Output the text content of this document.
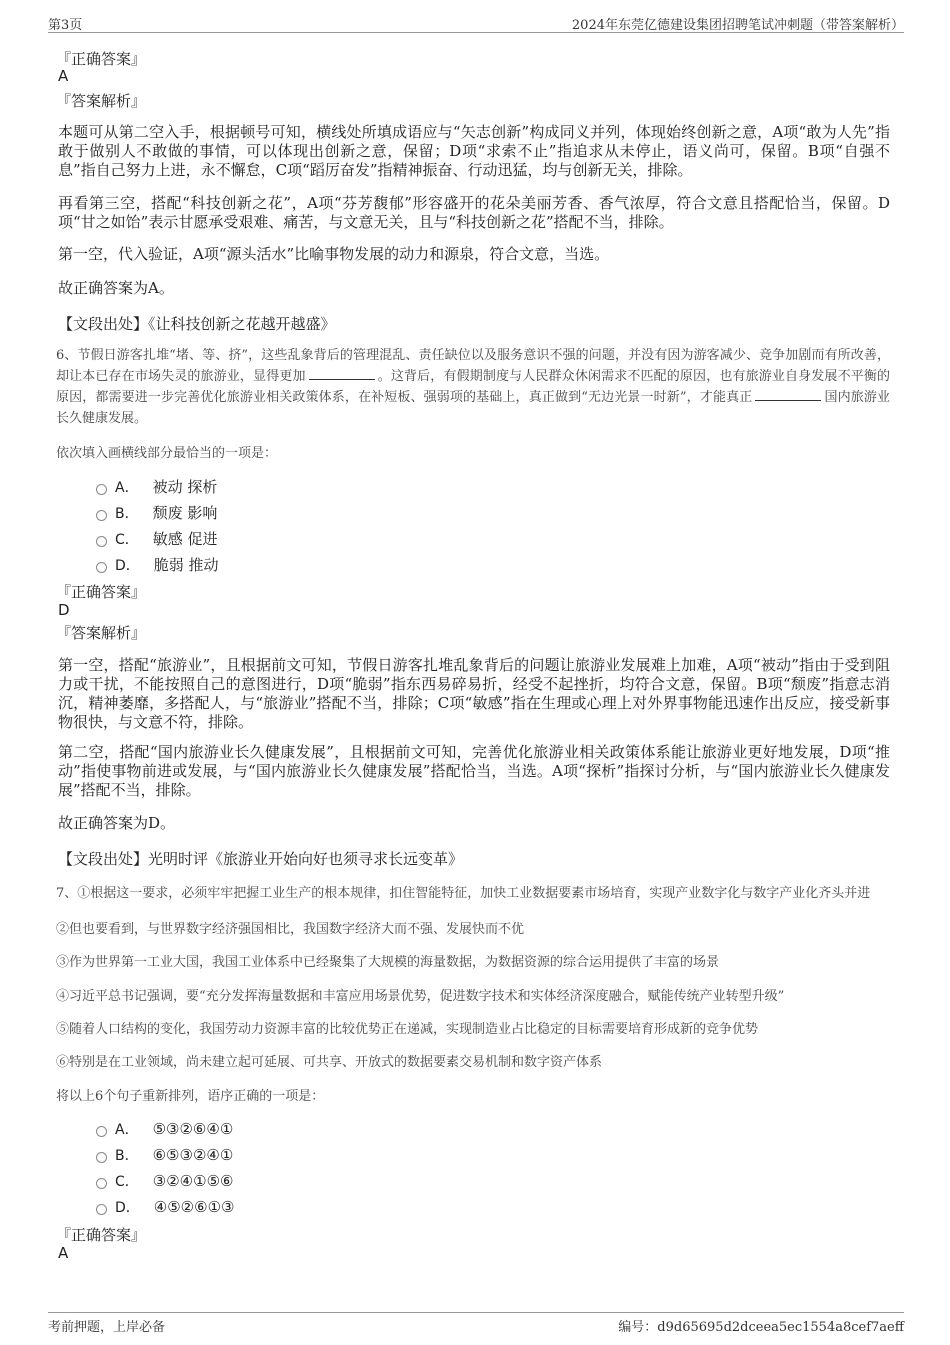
第3页	2024年东莞亿德建设集团招聘笔试冲刺题（带答案解析）
『正确答案』
A
『答案解析』
本题可从第二空入手，根据顿号可知，横线处所填成语应与“矢志创新”构成同义并列，体现始终创新之意，A项“敢为人先”指敢于做别人不敢做的事情，可以体现出创新之意，保留；D项“求索不止”指追求从未停止，语义尚可，保留。B项“自强不息”指自己努力上进，永不懈怠，C项“蹈厉奋发”指精神振奋、行动迅猛，均与创新无关，排除。
再看第三空，搭配“科技创新之花”，A项“芬芳馥郁”形容盛开的花朵美丽芳香、香气浓厚，符合文意且搭配恰当，保留。D项“甘之如饴”表示甘愿承受艰难、痛苦，与文意无关，且与“科技创新之花”搭配不当，排除。
第一空，代入验证，A项“源头活水”比喻事物发展的动力和源泉，符合文意，当选。
故正确答案为A。
【文段出处】《让科技创新之花越开越盛》
6、节假日游客扎堆“堵、等、挤”，这些乱象背后的管理混乱、责任缺位以及服务意识不强的问题，并没有因为游客减少、竞争加剧而有所改善，却让本已存在市场失灵的旅游业，显得更加	。这背后，有假期制度与人民群众休闲需求不匹配的原因，也有旅游业自身发展不平衡的原因，都需要进一步完善优化旅游业相关政策体系，在补短板、强弱项的基础上，真正做到“无边光景一时新”，才能真正	国内旅游业长久健康发展。
依次填入画横线部分最恰当的一项是：
A． 被动 探析
B． 颓废 影响
C． 敏感 促进
D． 脆弱 推动
『正确答案』
D
『答案解析』
第一空，搭配“旅游业”，且根据前文可知，节假日游客扎堆乱象背后的问题让旅游业发展难上加难，A项“被动”指由于受到阻力或干扰，不能按照自己的意图进行，D项“脆弱”指东西易碎易折，经受不起挫折，均符合文意，保留。B项“颓废”指意志消沉，精神萎靡，多搭配人，与“旅游业”搭配不当，排除；C项“敏感”指在生理或心理上对外界事物能迅速作出反应，接受新事物很快，与文意不符，排除。
第二空，搭配“国内旅游业长久健康发展”，且根据前文可知，完善优化旅游业相关政策体系能让旅游业更好地发展，D项“推动”指使事物前进或发展，与“国内旅游业长久健康发展”搭配恰当，当选。A项“探析”指探讨分析，与“国内旅游业长久健康发展”搭配不当，排除。
故正确答案为D。
【文段出处】光明时评《旅游业开始向好也须寻求长远变革》
7、①根据这一要求，必须牢牢把握工业生产的根本规律，扣住智能特征，加快工业数据要素市场培育，实现产业数字化与数字产业化齐头并进
②但也要看到，与世界数字经济强国相比，我国数字经济大而不强、发展快而不优
③作为世界第一工业大国，我国工业体系中已经聚集了大规模的海量数据，为数据资源的综合运用提供了丰富的场景
④习近平总书记强调，要“充分发挥海量数据和丰富应用场景优势，促进数字技术和实体经济深度融合，赋能传统产业转型升级”
⑤随着人口结构的变化，我国劳动力资源丰富的比较优势正在递减，实现制造业占比稳定的目标需要培育形成新的竞争优势
⑥特别是在工业领域，尚未建立起可延展、可共享、开放式的数据要素交易机制和数字资产体系
将以上6个句子重新排列，语序正确的一项是：
A． ⑤③②⑥④①
B． ⑥⑤③②④①
C． ③②④①⑤⑥
D． ④⑤②⑥①③
『正确答案』
A
考前押题，上岸必备	编号：d9d65695d2dceea5ec1554a8cef7aeff
